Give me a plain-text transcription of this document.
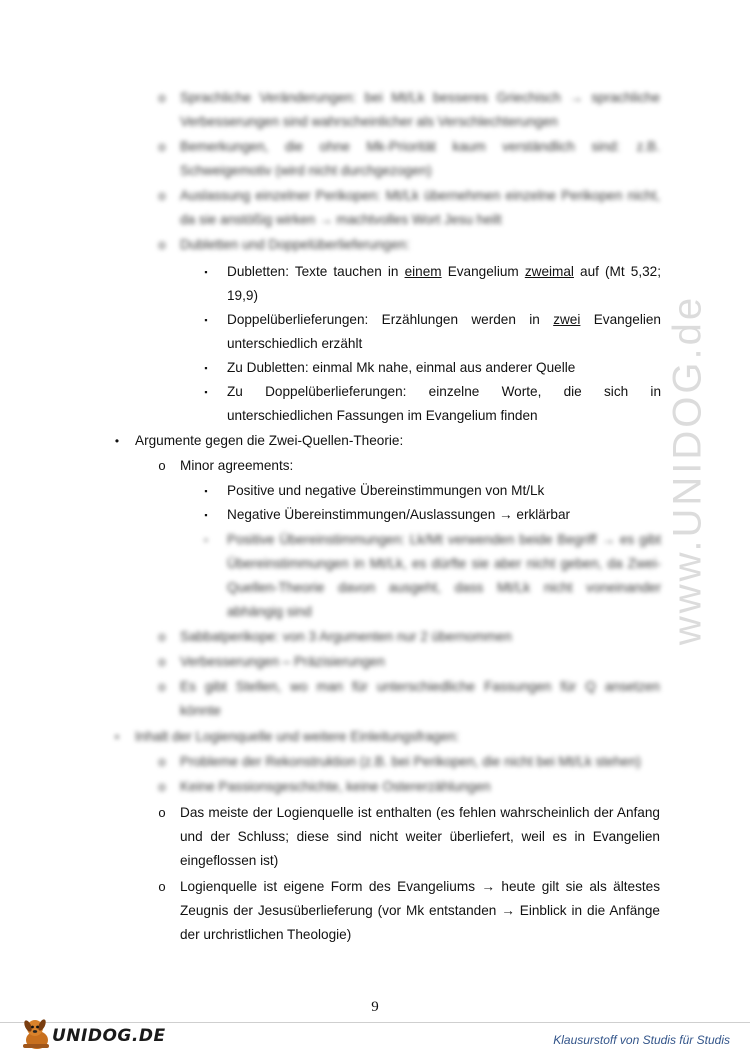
www.UNIDOG.de
o Sprachliche Veränderungen: bei Mt/Lk besseres Griechisch → sprachliche
Verbesserungen sind wahrscheinlicher als Verschlechterungen
o Bemerkungen, die ohne Mk-Priorität kaum verständlich sind: z.B.
Schweigemotiv (wird nicht durchgezogen)
o Auslassung einzelner Perikopen: Mt/Lk übernehmen einzelne Perikopen nicht,
da sie anstößig wirken → machtvolles Wort Jesu heilt
o Dubletten und Doppelüberlieferungen:
▪ Dubletten: Texte tauchen in einem Evangelium zweimal auf (Mt 5,32;
19,9)
▪ Doppelüberlieferungen: Erzählungen werden in zwei Evangelien
unterschiedlich erzählt
▪ Zu Dubletten: einmal Mk nahe, einmal aus anderer Quelle
▪ Zu Doppelüberlieferungen: einzelne Worte, die sich in
unterschiedlichen Fassungen im Evangelium finden
• Argumente gegen die Zwei-Quellen-Theorie:
o Minor agreements:
▪ Positive und negative Übereinstimmungen von Mt/Lk
▪ Negative Übereinstimmungen/Auslassungen → erklärbar
▪ Positive Übereinstimmungen: Lk/Mt verwenden beide Begriff → es gibt
Übereinstimmungen in Mt/Lk, es dürfte sie aber nicht geben, da Zwei-
Quellen-Theorie davon ausgeht, dass Mt/Lk nicht voneinander
abhängig sind
o Sabbatperikope: von 3 Argumenten nur 2 übernommen
o Verbesserungen – Präzisierungen
o Es gibt Stellen, wo man für unterschiedliche Fassungen für Q ansetzen
könnte
• Inhalt der Logienquelle und weitere Einleitungsfragen:
o Probleme der Rekonstruktion (z.B. bei Perikopen, die nicht bei Mt/Lk stehen)
o Keine Passionsgeschichte, keine Ostererzählungen
o Das meiste der Logienquelle ist enthalten (es fehlen wahrscheinlich der Anfang und der Schluss; diese sind nicht weiter überliefert, weil es in Evangelien eingeflossen ist)
o Logienquelle ist eigene Form des Evangeliums → heute gilt sie als ältestes Zeugnis der Jesusüberlieferung (vor Mk entstanden → Einblick in die Anfänge der urchristlichen Theologie)
9
UNIDOG.DE	Klausurstoff von Studis für Studis
